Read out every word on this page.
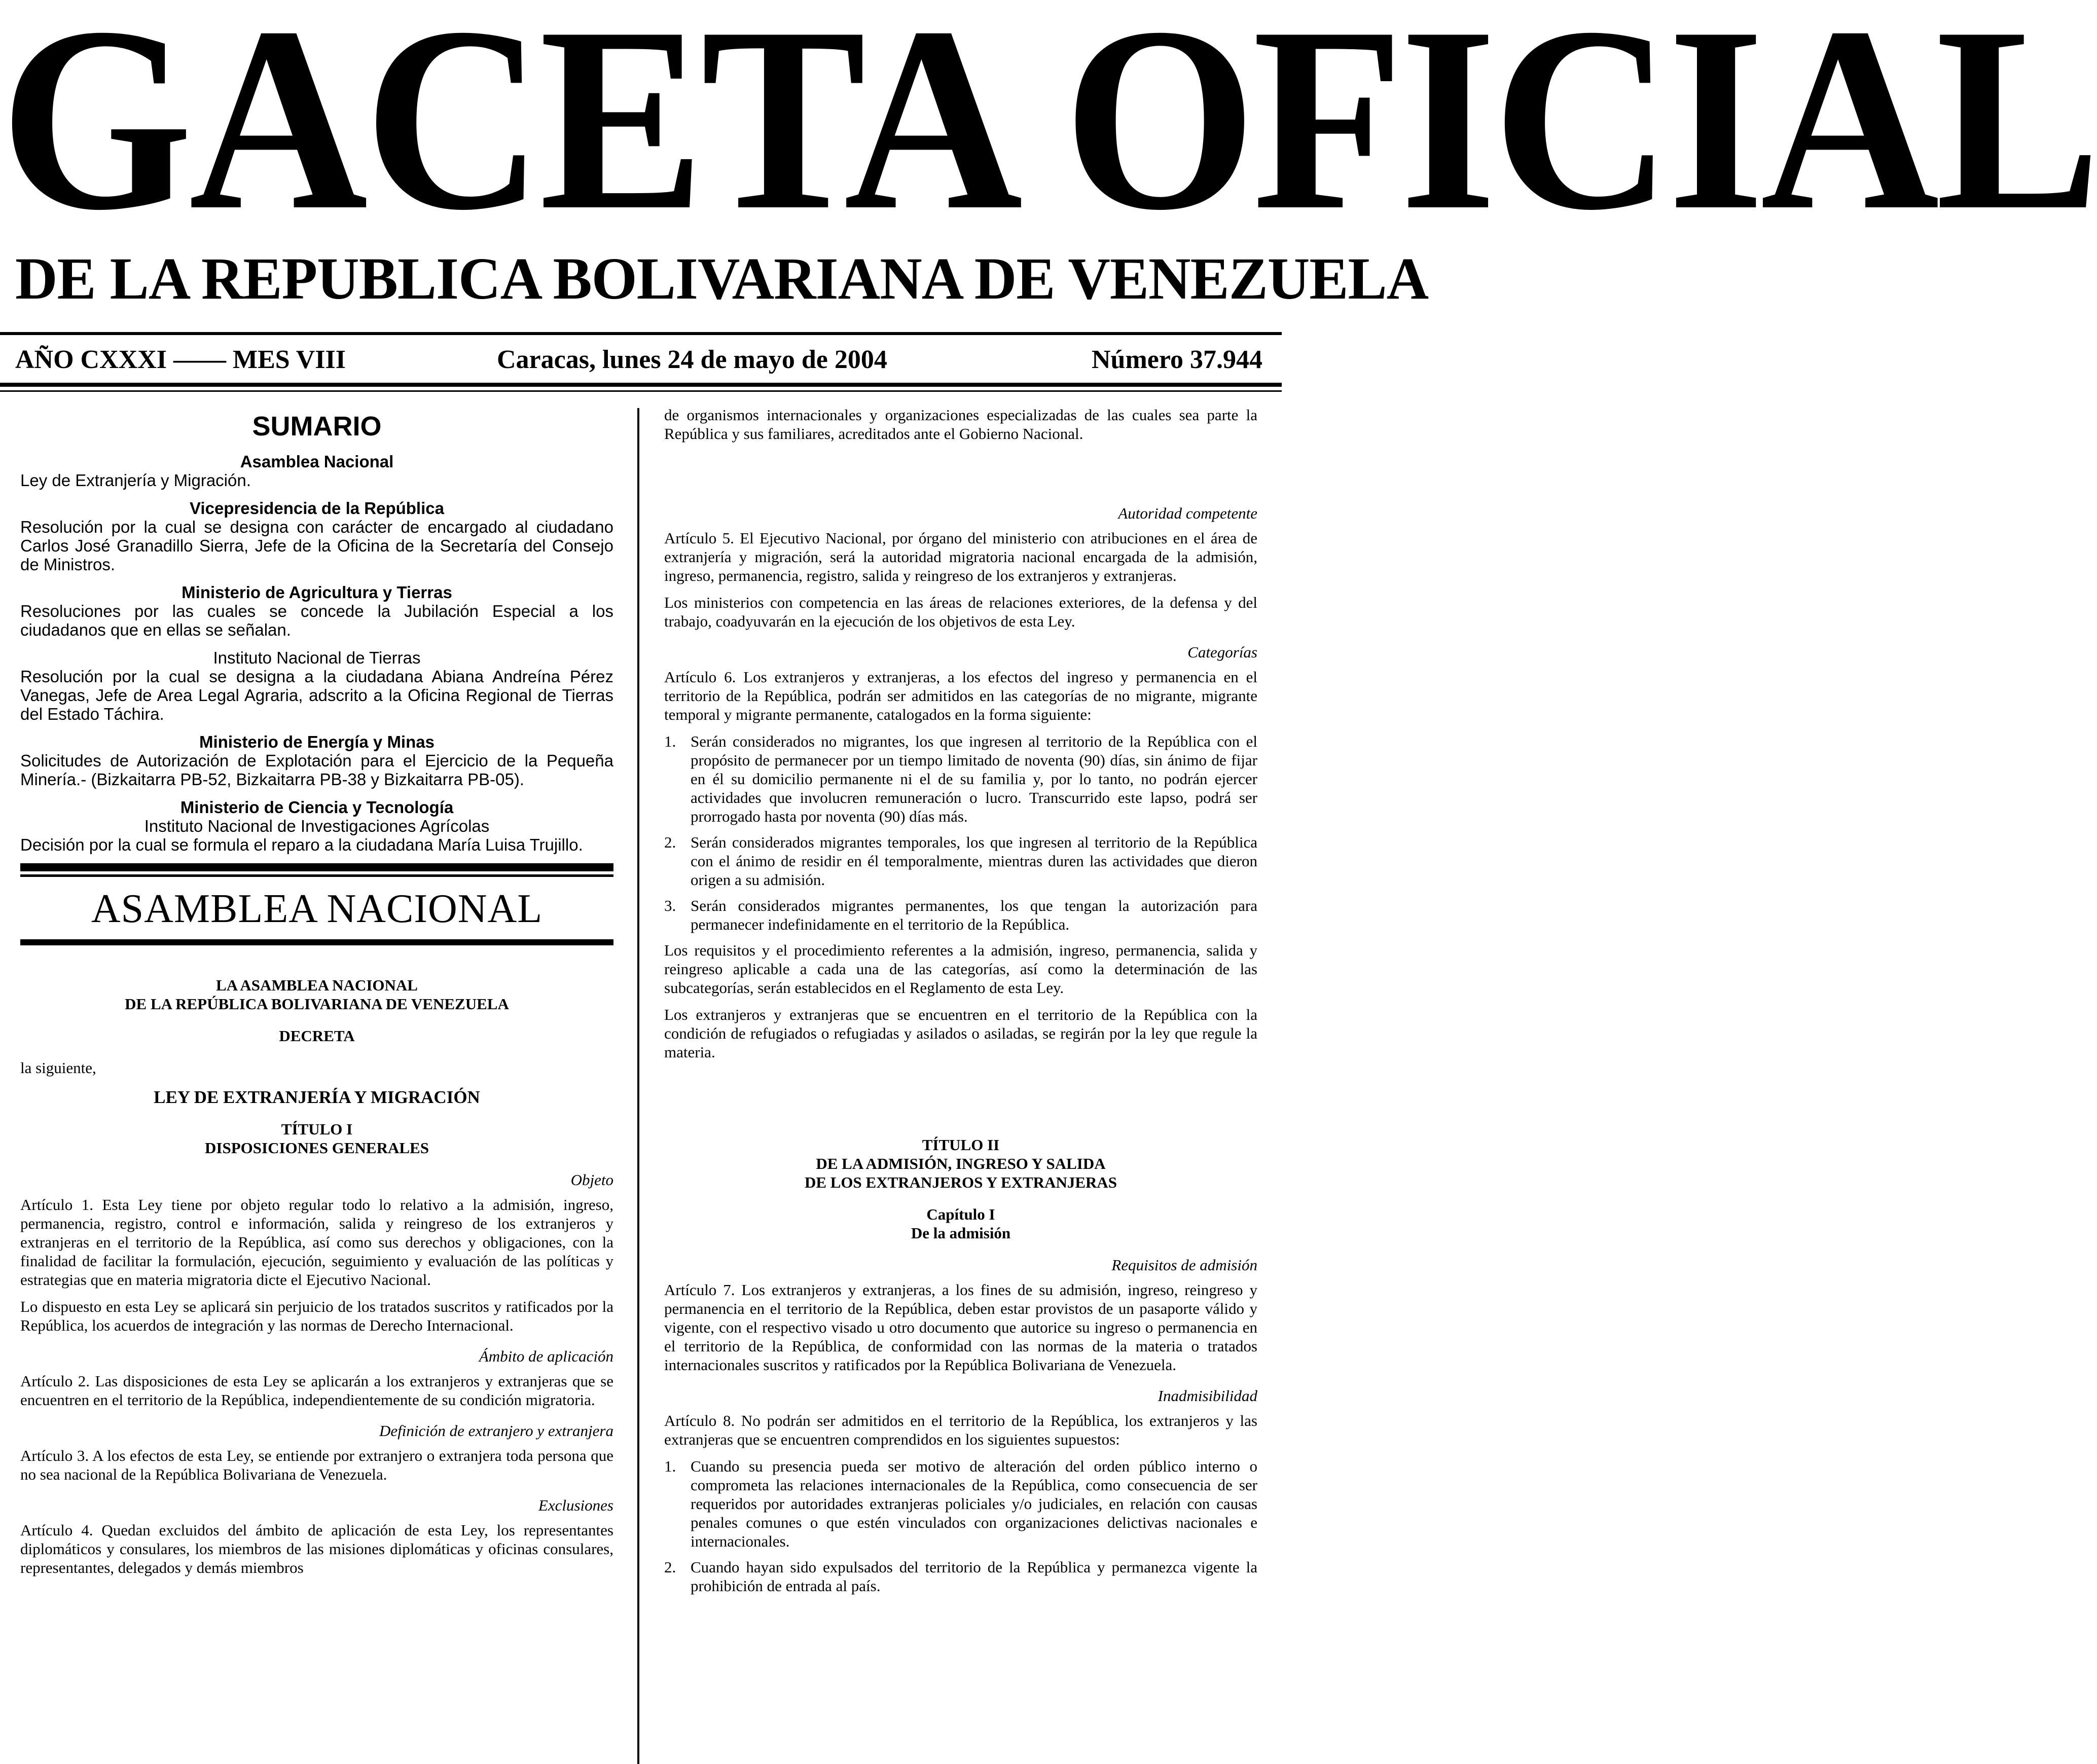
GACETA OFICIAL
DE LA REPUBLICA BOLIVARIANA DE VENEZUELA
AÑO CXXXI —— MES VIII	Caracas, lunes 24 de mayo de 2004	Número 37.944
SUMARIO
Asamblea Nacional
Ley de Extranjería y Migración.
Vicepresidencia de la República
Resolución por la cual se designa con carácter de encargado al ciudadano Carlos José Granadillo Sierra, Jefe de la Oficina de la Secretaría del Consejo de Ministros.
Ministerio de Agricultura y Tierras
Resoluciones por las cuales se concede la Jubilación Especial a los ciudadanos que en ellas se señalan.
Instituto Nacional de Tierras
Resolución por la cual se designa a la ciudadana Abiana Andreína Pérez Vanegas, Jefe de Area Legal Agraria, adscrito a la Oficina Regional de Tierras del Estado Táchira.
Ministerio de Energía y Minas
Solicitudes de Autorización de Explotación para el Ejercicio de la Pequeña Minería.- (Bizkaitarra PB-52, Bizkaitarra PB-38 y Bizkaitarra PB-05).
Ministerio de Ciencia y Tecnología
Instituto Nacional de Investigaciones Agrícolas
Decisión por la cual se formula el reparo a la ciudadana María Luisa Trujillo.
ASAMBLEA NACIONAL
LA ASAMBLEA NACIONAL
DE LA REPÚBLICA BOLIVARIANA DE VENEZUELA
DECRETA
la siguiente,
LEY DE EXTRANJERÍA Y MIGRACIÓN
TÍTULO I
DISPOSICIONES GENERALES
Objeto
Artículo 1. Esta Ley tiene por objeto regular todo lo relativo a la admisión, ingreso, permanencia, registro, control e información, salida y reingreso de los extranjeros y extranjeras en el territorio de la República, así como sus derechos y obligaciones, con la finalidad de facilitar la formulación, ejecución, seguimiento y evaluación de las políticas y estrategias que en materia migratoria dicte el Ejecutivo Nacional.
Lo dispuesto en esta Ley se aplicará sin perjuicio de los tratados suscritos y ratificados por la República, los acuerdos de integración y las normas de Derecho Internacional.
Ámbito de aplicación
Artículo 2. Las disposiciones de esta Ley se aplicarán a los extranjeros y extranjeras que se encuentren en el territorio de la República, independientemente de su condición migratoria.
Definición de extranjero y extranjera
Artículo 3. A los efectos de esta Ley, se entiende por extranjero o extranjera toda persona que no sea nacional de la República Bolivariana de Venezuela.
Exclusiones
Artículo 4. Quedan excluidos del ámbito de aplicación de esta Ley, los representantes diplomáticos y consulares, los miembros de las misiones diplomáticas y oficinas consulares, representantes, delegados y demás miembros
de organismos internacionales y organizaciones especializadas de las cuales sea parte la República y sus familiares, acreditados ante el Gobierno Nacional.
Autoridad competente
Artículo 5. El Ejecutivo Nacional, por órgano del ministerio con atribuciones en el área de extranjería y migración, será la autoridad migratoria nacional encargada de la admisión, ingreso, permanencia, registro, salida y reingreso de los extranjeros y extranjeras.
Los ministerios con competencia en las áreas de relaciones exteriores, de la defensa y del trabajo, coadyuvarán en la ejecución de los objetivos de esta Ley.
Categorías
Artículo 6. Los extranjeros y extranjeras, a los efectos del ingreso y permanencia en el territorio de la República, podrán ser admitidos en las categorías de no migrante, migrante temporal y migrante permanente, catalogados en la forma siguiente:
1. Serán considerados no migrantes, los que ingresen al territorio de la República con el propósito de permanecer por un tiempo limitado de noventa (90) días, sin ánimo de fijar en él su domicilio permanente ni el de su familia y, por lo tanto, no podrán ejercer actividades que involucren remuneración o lucro. Transcurrido este lapso, podrá ser prorrogado hasta por noventa (90) días más.
2. Serán considerados migrantes temporales, los que ingresen al territorio de la República con el ánimo de residir en él temporalmente, mientras duren las actividades que dieron origen a su admisión.
3. Serán considerados migrantes permanentes, los que tengan la autorización para permanecer indefinidamente en el territorio de la República.
Los requisitos y el procedimiento referentes a la admisión, ingreso, permanencia, salida y reingreso aplicable a cada una de las categorías, así como la determinación de las subcategorías, serán establecidos en el Reglamento de esta Ley.
Los extranjeros y extranjeras que se encuentren en el territorio de la República con la condición de refugiados o refugiadas y asilados o asiladas, se regirán por la ley que regule la materia.
TÍTULO II
DE LA ADMISIÓN, INGRESO Y SALIDA
DE LOS EXTRANJEROS Y EXTRANJERAS
Capítulo I
De la admisión
Requisitos de admisión
Artículo 7. Los extranjeros y extranjeras, a los fines de su admisión, ingreso, reingreso y permanencia en el territorio de la República, deben estar provistos de un pasaporte válido y vigente, con el respectivo visado u otro documento que autorice su ingreso o permanencia en el territorio de la República, de conformidad con las normas de la materia o tratados internacionales suscritos y ratificados por la República Bolivariana de Venezuela.
Inadmisibilidad
Artículo 8. No podrán ser admitidos en el territorio de la República, los extranjeros y las extranjeras que se encuentren comprendidos en los siguientes supuestos:
1. Cuando su presencia pueda ser motivo de alteración del orden público interno o comprometa las relaciones internacionales de la República, como consecuencia de ser requeridos por autoridades extranjeras policiales y/o judiciales, en relación con causas penales comunes o que estén vinculados con organizaciones delictivas nacionales e internacionales.
2. Cuando hayan sido expulsados del territorio de la República y permanezca vigente la prohibición de entrada al país.
